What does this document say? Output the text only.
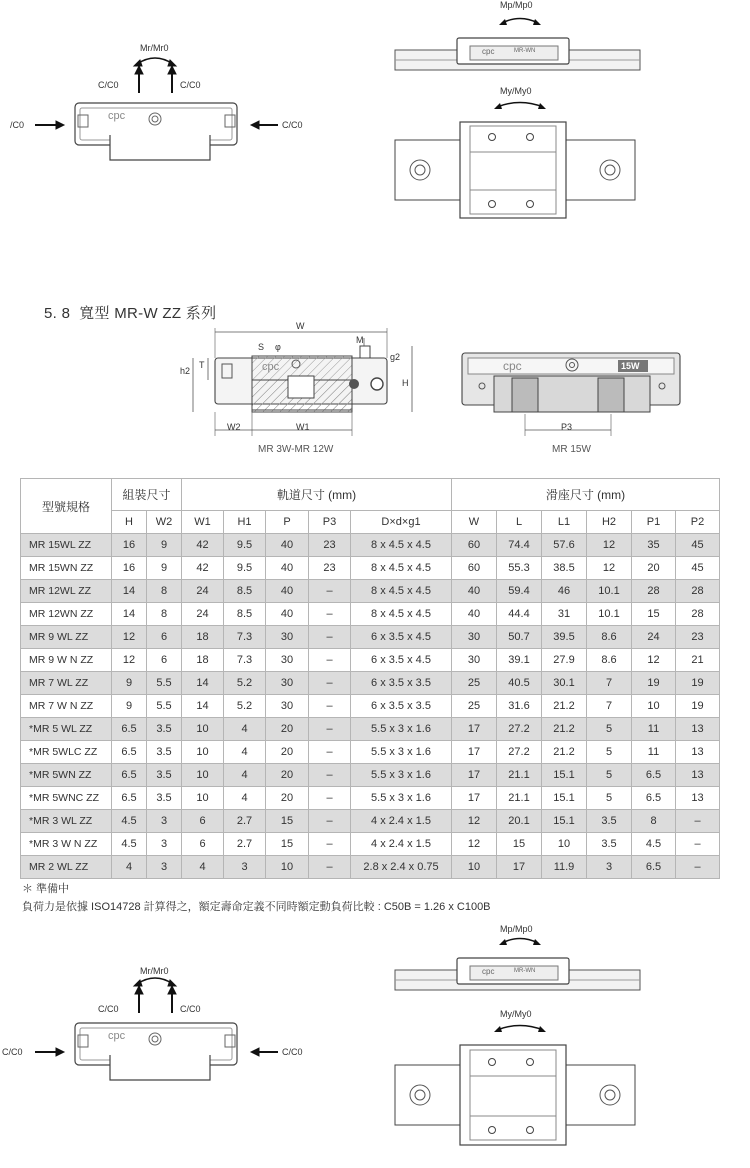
Mr/Mr0
C/C0	C/C0
/C0	C/C0
cpc
Mp/Mp0
cpc	MR-WN
My/My0
5. 8 寬型 MR-W ZZ 系列
W
M
S φ
g2
h2
T
H
W2	W1
cpc	cpc	15W
P3
MR 3W-MR 12W	MR 15W
型號規格	組裝尺寸		軌道尺寸 (mm)					滑座尺寸 (mm)					
	H	W2	W1	H1	P	P3	D×d×g1	W	L	L1	H2	P1	P2
MR 15WL ZZ	16	9	42	9.5	40	23	8 x 4.5 x 4.5	60	74.4	57.6	12	35	45
MR 15WN ZZ	16	9	42	9.5	40	23	8 x 4.5 x 4.5	60	55.3	38.5	12	20	45
MR 12WL ZZ	14	8	24	8.5	40	–	8 x 4.5 x 4.5	40	59.4	46	10.1	28	28
MR 12WN ZZ	14	8	24	8.5	40	–	8 x 4.5 x 4.5	40	44.4	31	10.1	15	28
MR 9 WL ZZ	12	6	18	7.3	30	–	6 x 3.5 x 4.5	30	50.7	39.5	8.6	24	23
MR 9 W N ZZ	12	6	18	7.3	30	–	6 x 3.5 x 4.5	30	39.1	27.9	8.6	12	21
MR 7 WL ZZ	9	5.5	14	5.2	30	–	6 x 3.5 x 3.5	25	40.5	30.1	7	19	19
MR 7 W N ZZ	9	5.5	14	5.2	30	–	6 x 3.5 x 3.5	25	31.6	21.2	7	10	19
*MR 5 WL ZZ	6.5	3.5	10	4	20	–	5.5 x 3 x 1.6	17	27.2	21.2	5	11	13
*MR 5WLC ZZ	6.5	3.5	10	4	20	–	5.5 x 3 x 1.6	17	27.2	21.2	5	11	13
*MR 5WN ZZ	6.5	3.5	10	4	20	–	5.5 x 3 x 1.6	17	21.1	15.1	5	6.5	13
*MR 5WNC ZZ	6.5	3.5	10	4	20	–	5.5 x 3 x 1.6	17	21.1	15.1	5	6.5	13
*MR 3 WL ZZ	4.5	3	6	2.7	15	–	4 x 2.4 x 1.5	12	20.1	15.1	3.5	8	–
*MR 3 W N ZZ	4.5	3	6	2.7	15	–	4 x 2.4 x 1.5	12	15	10	3.5	4.5	–
MR 2 WL ZZ	4	3	4	3	10	–	2.8 x 2.4 x 0.75	10	17	11.9	3	6.5	–
＊ 準備中
負荷力是依據 ISO14728 計算得之，額定壽命定義不同時額定動負荷比較 : C50B = 1.26 x C100B
Mr/Mr0
C/C0	C/C0
C/C0	C/C0
cpc
Mp/Mp0
cpc	MR-WN
My/My0
